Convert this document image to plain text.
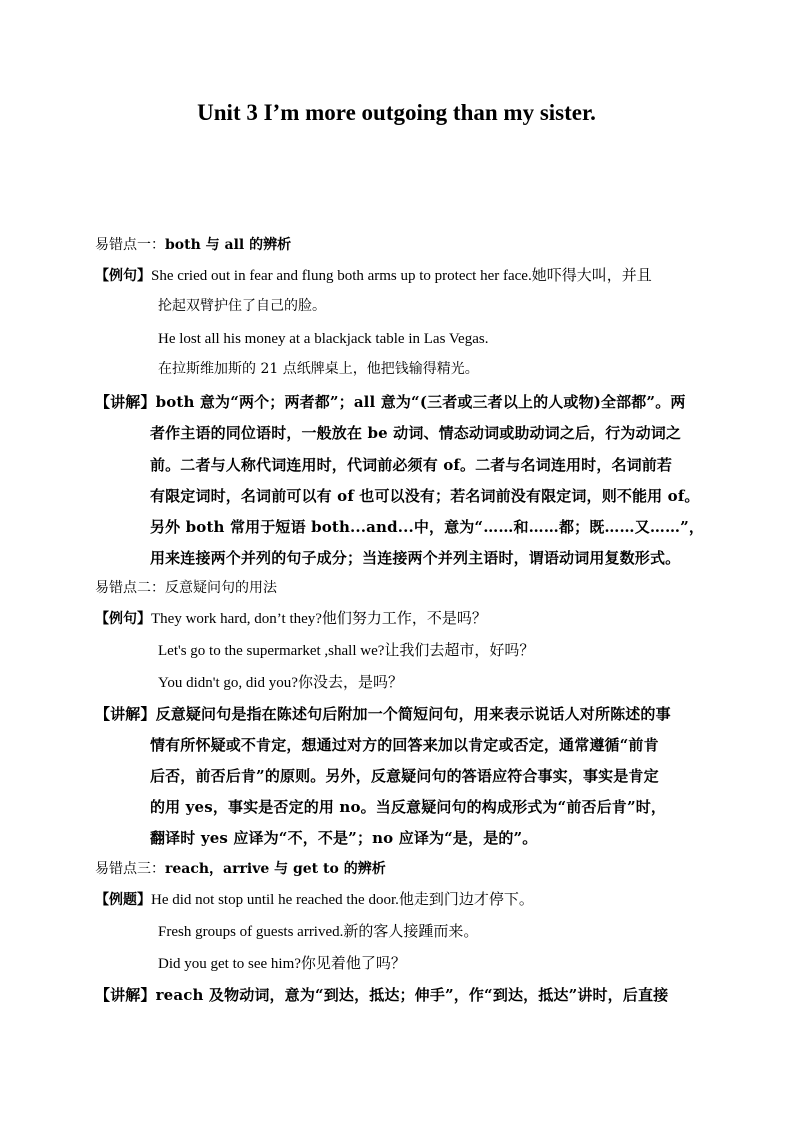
Unit 3 I’m more outgoing than my sister.
易错点一：both 与 all 的辨析
【例句】She cried out in fear and flung both arms up to protect her face.她吓得大叫，并且
抡起双臂护住了自己的脸。
He lost all his money at a blackjack table in Las Vegas.
在拉斯维加斯的 21 点纸牌桌上，他把钱输得精光。
【讲解】both 意为“两个；两者都”；all 意为“(三者或三者以上的人或物)全部都”。两
者作主语的同位语时，一般放在 be 动词、情态动词或助动词之后，行为动词之
前。二者与人称代词连用时，代词前必须有 of。二者与名词连用时，名词前若
有限定词时，名词前可以有 of 也可以没有；若名词前没有限定词，则不能用 of。
另外 both 常用于短语 both...and...中，意为“……和……都；既……又……”，
用来连接两个并列的句子成分；当连接两个并列主语时，谓语动词用复数形式。
易错点二：反意疑问句的用法
【例句】They work hard, don’t they?他们努力工作，不是吗？
Let's go to the supermarket ,shall we?让我们去超市，好吗？
You didn't go, did you?你没去，是吗？
【讲解】反意疑问句是指在陈述句后附加一个简短问句，用来表示说话人对所陈述的事
情有所怀疑或不肯定，想通过对方的回答来加以肯定或否定，通常遵循“前肯
后否，前否后肯”的原则。另外，反意疑问句的答语应符合事实，事实是肯定
的用 yes，事实是否定的用 no。当反意疑问句的构成形式为“前否后肯”时，
翻译时 yes 应译为“不，不是”；no 应译为“是，是的”。
易错点三：reach，arrive 与 get to 的辨析
【例题】He did not stop until he reached the door.他走到门边才停下。
Fresh groups of guests arrived.新的客人接踵而来。
Did you get to see him?你见着他了吗？
【讲解】reach 及物动词，意为“到达，抵达；伸手”，作“到达，抵达”讲时，后直接
